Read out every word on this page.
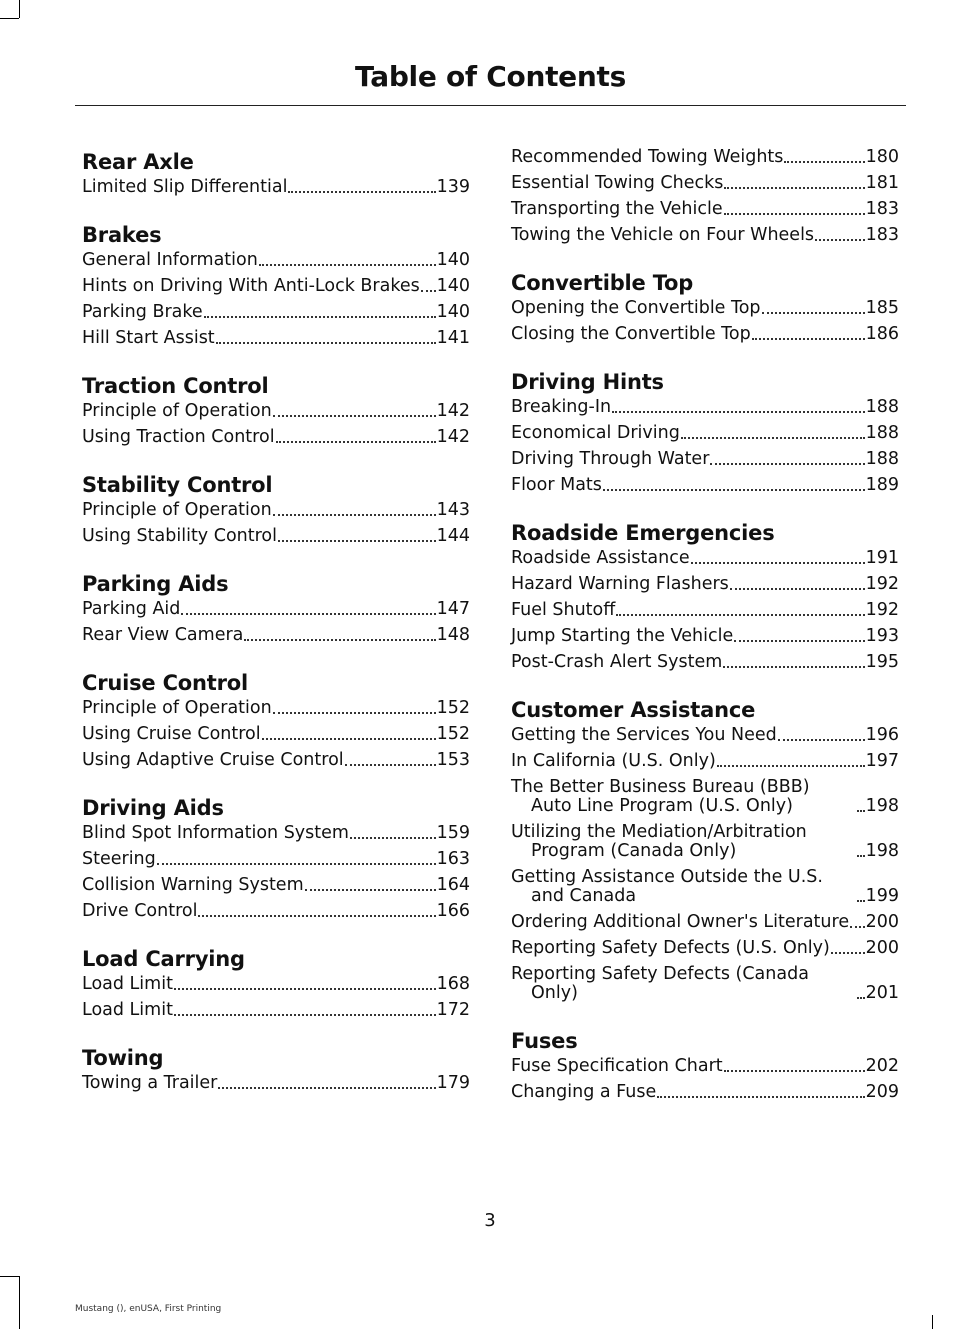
Table of Contents
Rear Axle
Limited Slip Differential	139
Brakes
General Information	140
Hints on Driving With Anti-Lock Brakes 140
Parking Brake	140
Hill Start Assist	141
Traction Control
Principle of Operation	142
Using Traction Control	142
Stability Control
Principle of Operation	143
Using Stability Control	144
Parking Aids
Parking Aid	147
Rear View Camera	148
Cruise Control
Principle of Operation	152
Using Cruise Control	152
Using Adaptive Cruise Control	153
Driving Aids
Blind Spot Information System	159
Steering	163
Collision Warning System	164
Drive Control	166
Load Carrying
Load Limit	168
Load Limit	172
Towing
Towing a Trailer	179
Recommended Towing Weights	180
Essential Towing Checks	181
Transporting the Vehicle	183
Towing the Vehicle on Four Wheels	183
Convertible Top
Opening the Convertible Top	185
Closing the Convertible Top	186
Driving Hints
Breaking-In	188
Economical Driving	188
Driving Through Water	188
Floor Mats	189
Roadside Emergencies
Roadside Assistance	191
Hazard Warning Flashers	192
Fuel Shutoff	192
Jump Starting the Vehicle	193
Post-Crash Alert System	195
Customer Assistance
Getting the Services You Need	196
In California (U.S. Only)	197
The Better Business Bureau (BBB) Auto Line Program (U.S. Only)	198
Utilizing the Mediation/Arbitration Program (Canada Only)	198
Getting Assistance Outside the U.S. and Canada	199
Ordering Additional Owner's Literature 200
Reporting Safety Defects (U.S. Only) 200
Reporting Safety Defects (Canada Only)	201
Fuses
Fuse Specification Chart	202
Changing a Fuse	209
3
Mustang (), enUSA, First Printing
